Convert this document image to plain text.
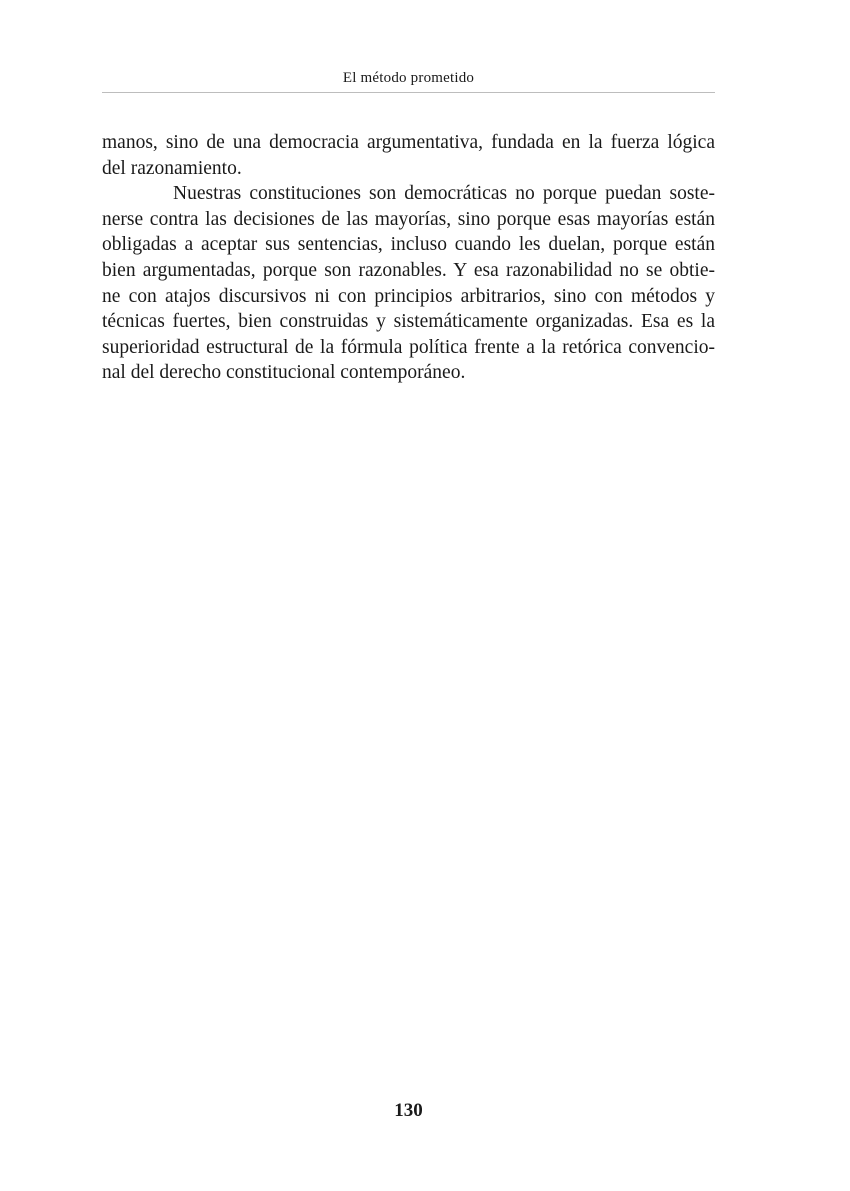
El método prometido
manos, sino de una democracia argumentativa, fundada en la fuerza lógica
del razonamiento.
Nuestras constituciones son democráticas no porque puedan soste-
nerse contra las decisiones de las mayorías, sino porque esas mayorías están
obligadas a aceptar sus sentencias, incluso cuando les duelan, porque están
bien argumentadas, porque son razonables. Y esa razonabilidad no se obtie-
ne con atajos discursivos ni con principios arbitrarios, sino con métodos y
técnicas fuertes, bien construidas y sistemáticamente organizadas. Esa es la
superioridad estructural de la fórmula política frente a la retórica convencio-
nal del derecho constitucional contemporáneo.
130
